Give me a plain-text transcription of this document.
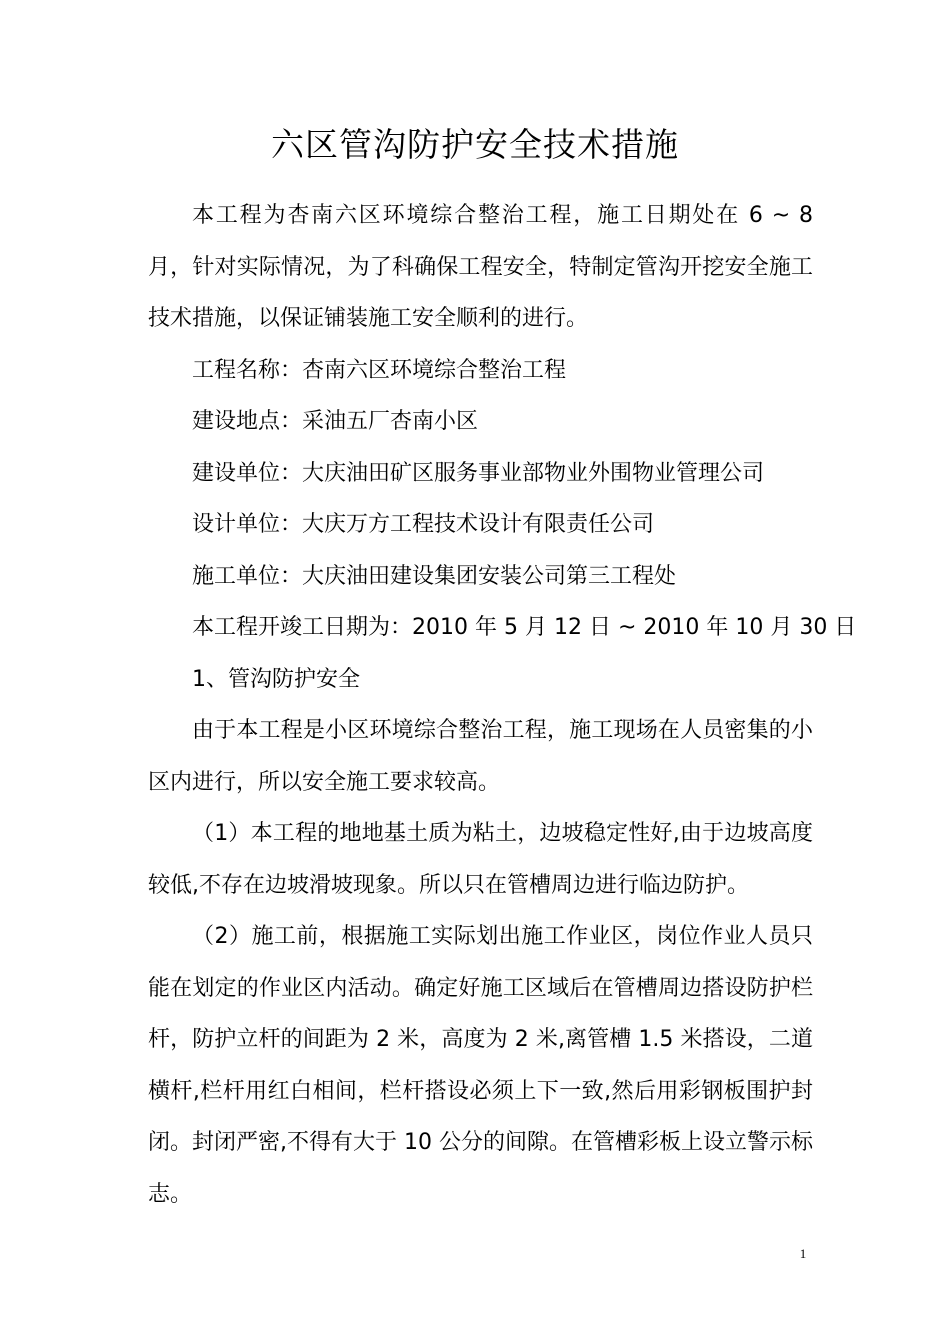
六区管沟防护安全技术措施

本工程为杏南六区环境综合整治工程，施工日期处在 6 ~ 8 月，针对实际情况，为了科确保工程安全，特制定管沟开挖安全施工技术措施，以保证铺装施工安全顺利的进行。

工程名称：杏南六区环境综合整治工程

建设地点：采油五厂杏南小区

建设单位：大庆油田矿区服务事业部物业外围物业管理公司

设计单位：大庆万方工程技术设计有限责任公司

施工单位：大庆油田建设集团安装公司第三工程处

本工程开竣工日期为：2010 年 5 月 12 日 ~ 2010 年 10 月 30 日

1、管沟防护安全

由于本工程是小区环境综合整治工程，施工现场在人员密集的小区内进行，所以安全施工要求较高。

（1）本工程的地地基土质为粘土，边坡稳定性好,由于边坡高度较低,不存在边坡滑坡现象。所以只在管槽周边进行临边防护。

（2）施工前，根据施工实际划出施工作业区，岗位作业人员只能在划定的作业区内活动。确定好施工区域后在管槽周边搭设防护栏杆，防护立杆的间距为 2 米，高度为 2 米,离管槽 1.5 米搭设，二道横杆,栏杆用红白相间，栏杆搭设必须上下一致,然后用彩钢板围护封闭。封闭严密,不得有大于 10 公分的间隙。在管槽彩板上设立警示标志。

1
